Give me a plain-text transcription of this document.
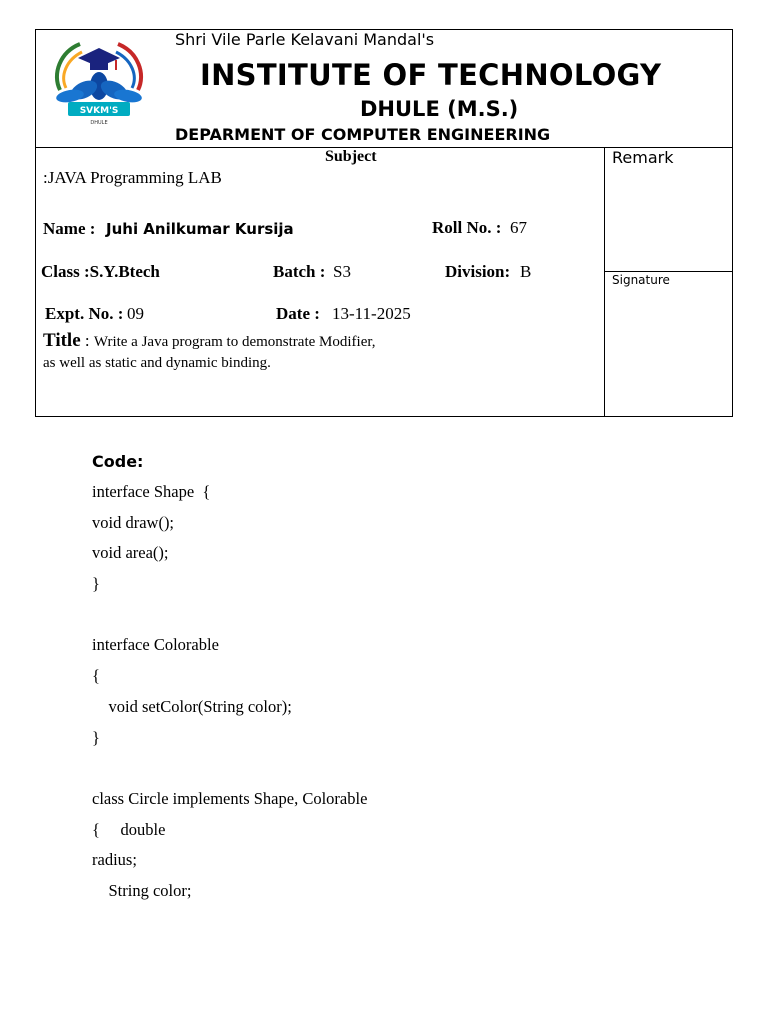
SVKM'S
DHULE
Shri Vile Parle Kelavani Mandal's
INSTITUTE OF TECHNOLOGY
DHULE (M.S.)
DEPARMENT OF COMPUTER ENGINEERING
Subject
:JAVA Programming LAB
Name : Juhi Anilkumar Kursija	Roll No. : 67
Class :S.Y.Btech	Batch : S3	Division: B
Expt. No. : 09	Date : 13-11-2025
Title : Write a Java program to demonstrate Modifier,
as well as static and dynamic binding.
Remark
Signature
Code:
interface Shape  {
void draw();
void area();
}
interface Colorable
{
void setColor(String color);
}
class Circle implements Shape, Colorable
{     double
radius;
String color;
